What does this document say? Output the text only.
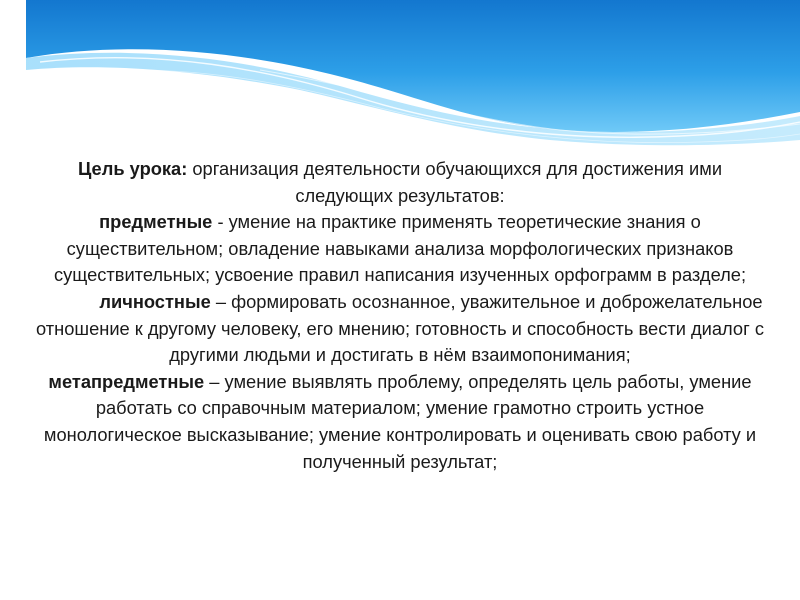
Цель урока: организация деятельности обучающихся для достижения ими следующих результатов:

предметные - умение на практике применять теоретические знания о существительном; овладение навыками анализа морфологических признаков существительных; усвоение правил написания изученных орфограмм в разделе;

личностные – формировать осознанное, уважительное и доброжелательное отношение к другому человеку, его мнению; готовность и способность вести диалог с другими людьми и достигать в нём взаимопонимания;

метапредметные – умение выявлять проблему, определять цель работы, умение работать со справочным материалом; умение грамотно строить устное монологическое высказывание; умение контролировать и оценивать свою работу и полученный результат;
